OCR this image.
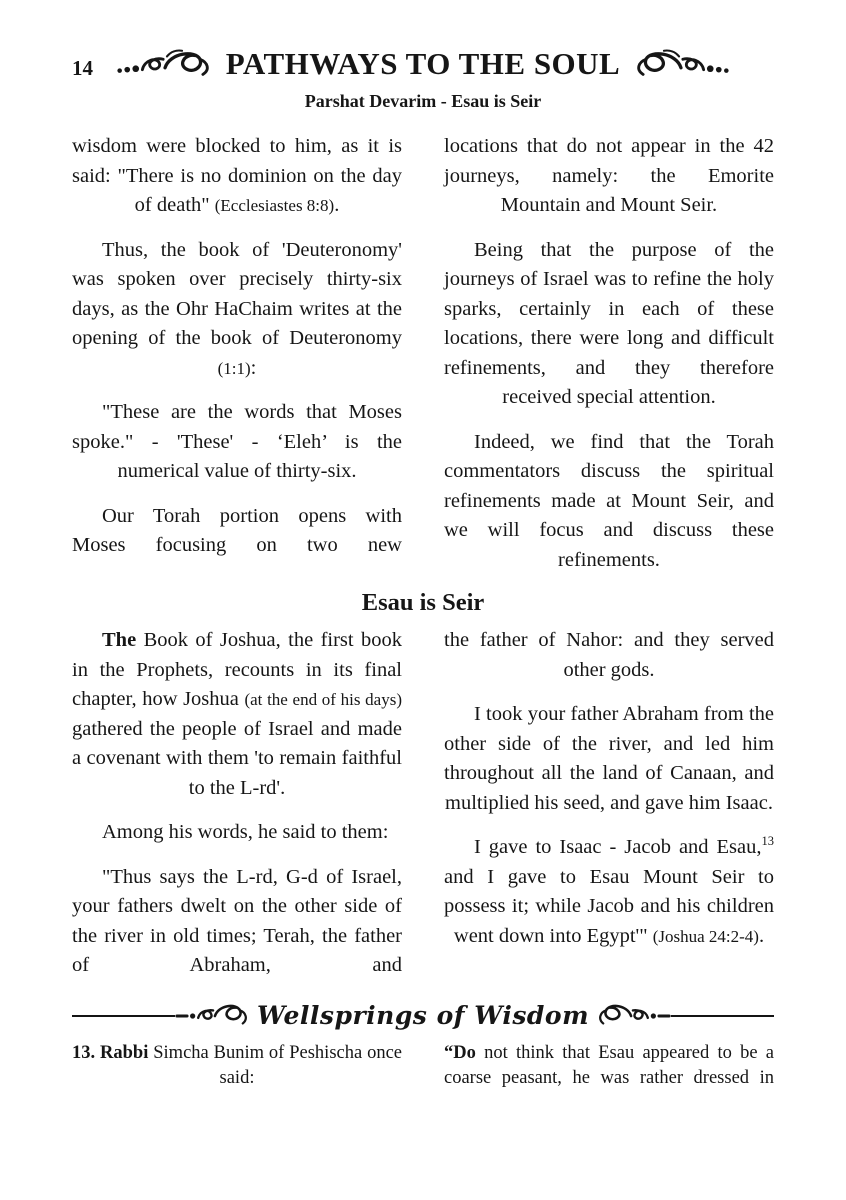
14	PATHWAYS TO THE SOUL
Parshat Devarim - Esau is Seir
wisdom were blocked to him, as it is said: "There is no dominion on the day of death" (Ecclesiastes 8:8).
Thus, the book of 'Deuteronomy' was spoken over precisely thirty-six days, as the Ohr HaChaim writes at the opening of the book of Deuteronomy (1:1):
"These are the words that Moses spoke." - 'These' - ‘Eleh’ is the numerical value of thirty-six.
Our Torah portion opens with Moses focusing on two new
locations that do not appear in the 42 journeys, namely: the Emorite Mountain and Mount Seir.
Being that the purpose of the journeys of Israel was to refine the holy sparks, certainly in each of these locations, there were long and difficult refinements, and they therefore received special attention.
Indeed, we find that the Torah commentators discuss the spiritual refinements made at Mount Seir, and we will focus and discuss these refinements.
Esau is Seir
The Book of Joshua, the first book in the Prophets, recounts in its final chapter, how Joshua (at the end of his days) gathered the people of Israel and made a covenant with them 'to remain faithful to the L-rd'.
Among his words, he said to them:
"Thus says the L-rd, G-d of Israel, your fathers dwelt on the other side of the river in old times; Terah, the father of Abraham, and
the father of Nahor: and they served other gods.
I took your father Abraham from the other side of the river, and led him throughout all the land of Canaan, and multiplied his seed, and gave him Isaac.
I gave to Isaac - Jacob and Esau,$^{13}$ and I gave to Esau Mount Seir to possess it; while Jacob and his children went down into Egypt'" (Joshua 24:2-4).
Wellsprings of Wisdom
13. Rabbi Simcha Bunim of Peshischa once said:
“Do not think that Esau appeared to be a coarse peasant, he was rather dressed in
